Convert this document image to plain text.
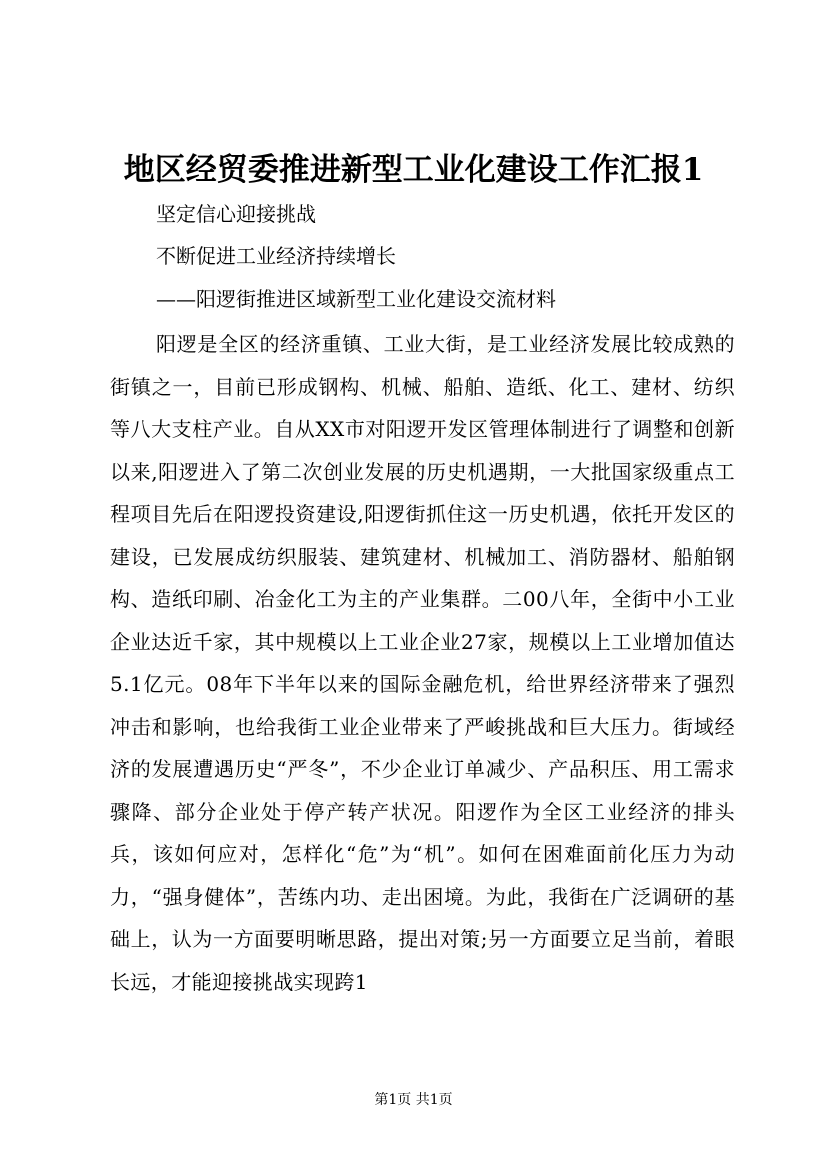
地区经贸委推进新型工业化建设工作汇报1
坚定信心迎接挑战
不断促进工业经济持续增长
——阳逻街推进区域新型工业化建设交流材料

阳逻是全区的经济重镇、工业大街，是工业经济发展比较成熟的街镇之一，目前已形成钢构、机械、船舶、造纸、化工、建材、纺织等八大支柱产业。自从XX市对阳逻开发区管理体制进行了调整和创新以来,阳逻进入了第二次创业发展的历史机遇期，一大批国家级重点工程项目先后在阳逻投资建设,阳逻街抓住这一历史机遇，依托开发区的建设，已发展成纺织服装、建筑建材、机械加工、消防器材、船舶钢构、造纸印刷、冶金化工为主的产业集群。二00八年，全街中小工业企业达近千家，其中规模以上工业企业27家，规模以上工业增加值达5.1亿元。08年下半年以来的国际金融危机，给世界经济带来了强烈冲击和影响，也给我街工业企业带来了严峻挑战和巨大压力。街域经济的发展遭遇历史“严冬”，不少企业订单减少、产品积压、用工需求骤降、部分企业处于停产转产状况。阳逻作为全区工业经济的排头兵，该如何应对，怎样化“危”为“机”。如何在困难面前化压力为动力，“强身健体”，苦练内功、走出困境。为此，我街在广泛调研的基础上，认为一方面要明晰思路，提出对策;另一方面要立足当前，着眼长远，才能迎接挑战实现跨1

第1页 共1页
